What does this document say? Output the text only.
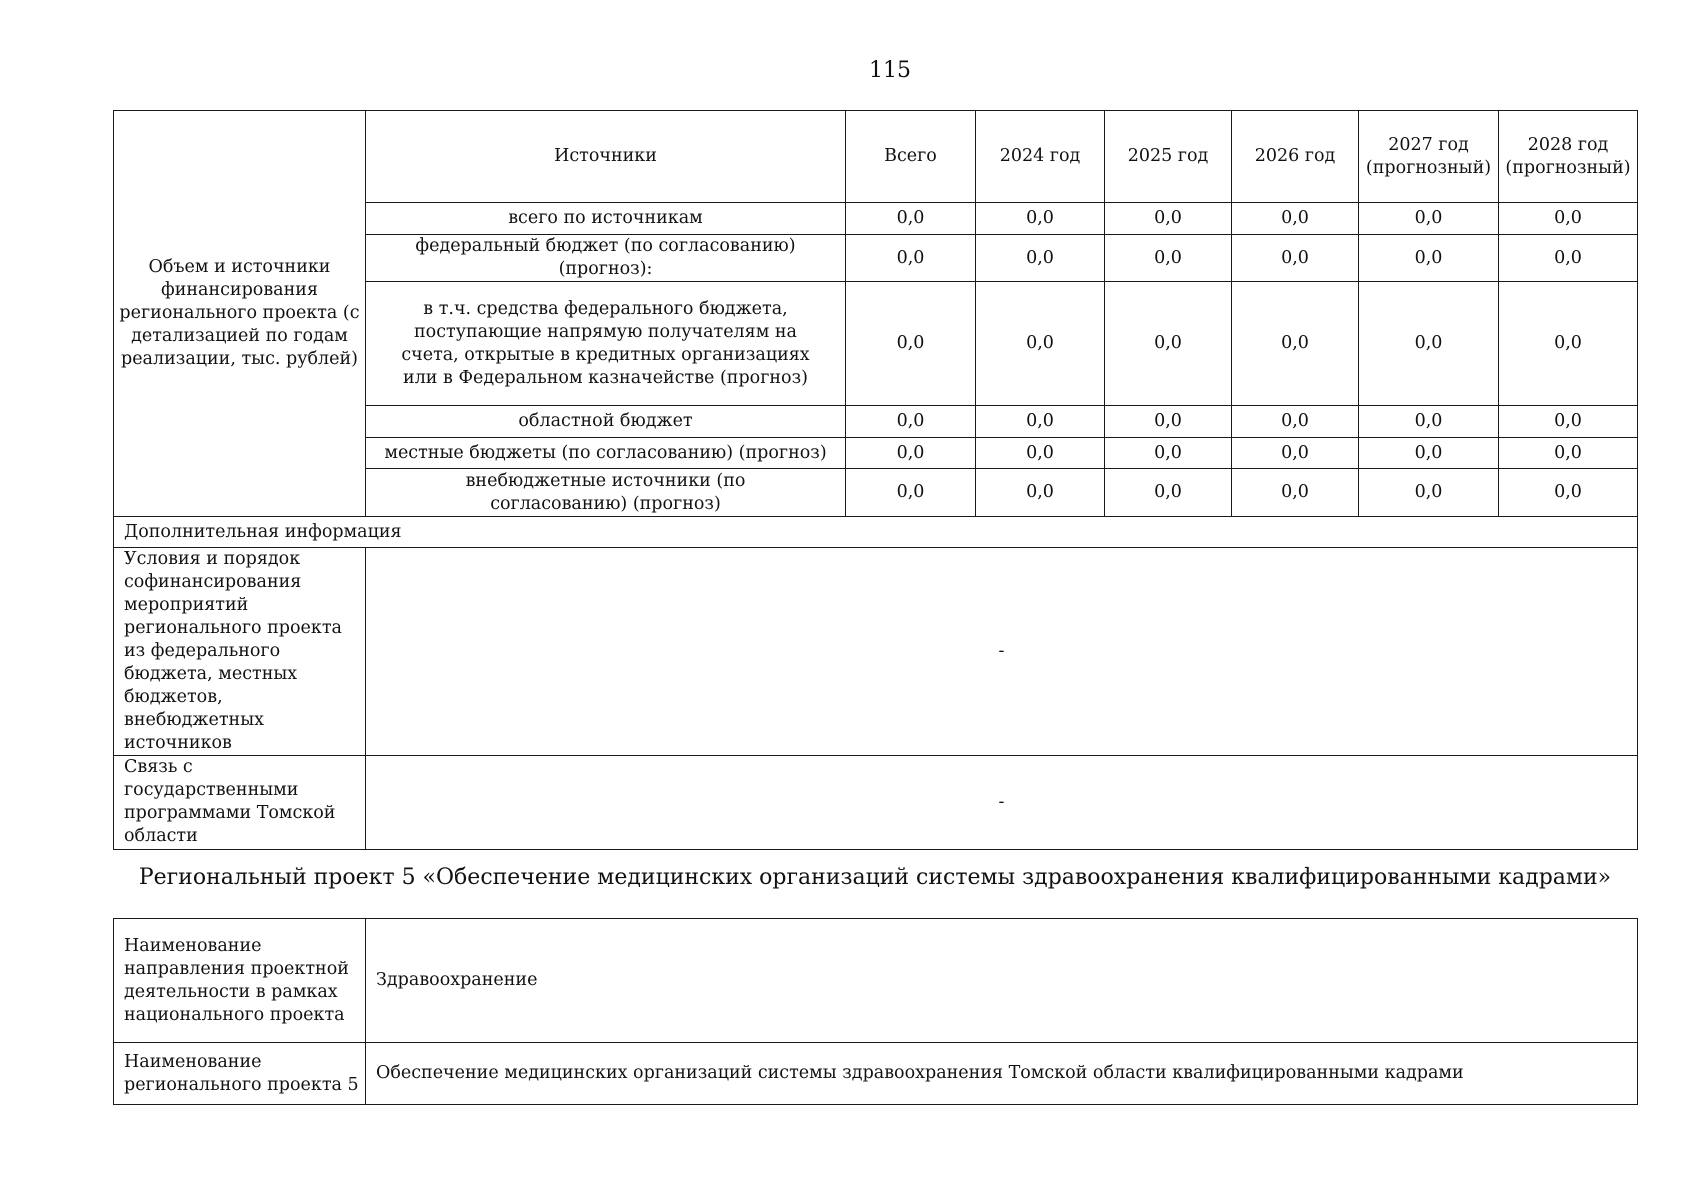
115
Объем и источники финансирования регионального проекта (с детализацией по годам реализации, тыс. рублей)	Источники	Всего	2024 год	2025 год	2026 год	2027 год (прогнозный)	2028 год (прогнозный)
	всего по источникам	0,0	0,0	0,0	0,0	0,0	0,0
	федеральный бюджет (по согласованию) (прогноз):	0,0	0,0	0,0	0,0	0,0	0,0
	в т.ч. средства федерального бюджета, поступающие напрямую получателям на счета, открытые в кредитных организациях или в Федеральном казначействе (прогноз)	0,0	0,0	0,0	0,0	0,0	0,0
	областной бюджет	0,0	0,0	0,0	0,0	0,0	0,0
	местные бюджеты (по согласованию) (прогноз)	0,0	0,0	0,0	0,0	0,0	0,0
	внебюджетные источники (по согласованию) (прогноз)	0,0	0,0	0,0	0,0	0,0	0,0
Дополнительная информация							
Условия и порядок софинансирования мероприятий регионального проекта из федерального бюджета, местных бюджетов, внебюджетных источников	-						
Связь с государственными программами Томской области	-						
Региональный проект 5 «Обеспечение медицинских организаций системы здравоохранения квалифицированными кадрами»
Наименование направления проектной деятельности в рамках национального проекта	Здравоохранение
Наименование регионального проекта 5	Обеспечение медицинских организаций системы здравоохранения Томской области квалифицированными кадрами
